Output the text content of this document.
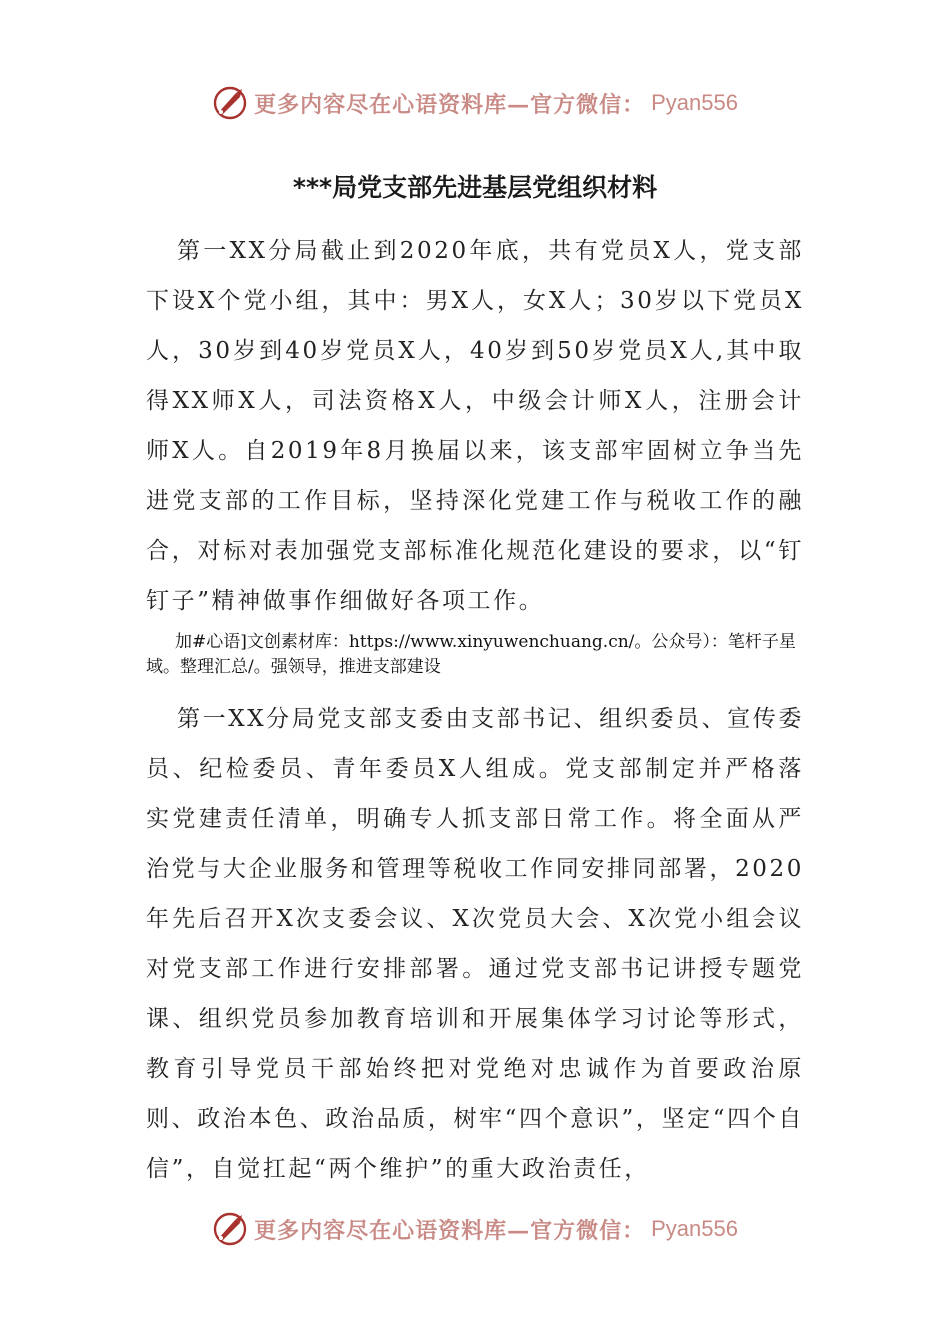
更多内容尽在心语资料库—官方微信： Pyan556
***局党支部先进基层党组织材料

第一XX分局截止到2020年底，共有党员X人，党支部下设X个党小组，其中：男X人，女X人；30岁以下党员X人，30岁到40岁党员X人，40岁到50岁党员X人,其中取得XX师X人，司法资格X人，中级会计师X人，注册会计师X人。自2019年8月换届以来，该支部牢固树立争当先进党支部的工作目标，坚持深化党建工作与税收工作的融合，对标对表加强党支部标准化规范化建设的要求，以“钉钉子”精神做事作细做好各项工作。

加#心语]文创素材库：https://www.xinyuwenchuang.cn/。公众号）：笔杆子星域。整理汇总/。强领导，推进支部建设

第一XX分局党支部支委由支部书记、组织委员、宣传委员、纪检委员、青年委员X人组成。党支部制定并严格落实党建责任清单，明确专人抓支部日常工作。将全面从严治党与大企业服务和管理等税收工作同安排同部署，2020年先后召开X次支委会议、X次党员大会、X次党小组会议对党支部工作进行安排部署。通过党支部书记讲授专题党课、组织党员参加教育培训和开展集体学习讨论等形式，教育引导党员干部始终把对党绝对忠诚作为首要政治原则、政治本色、政治品质，树牢“四个意识”，坚定“四个自信”，自觉扛起“两个维护”的重大政治责任，

更多内容尽在心语资料库—官方微信： Pyan556
